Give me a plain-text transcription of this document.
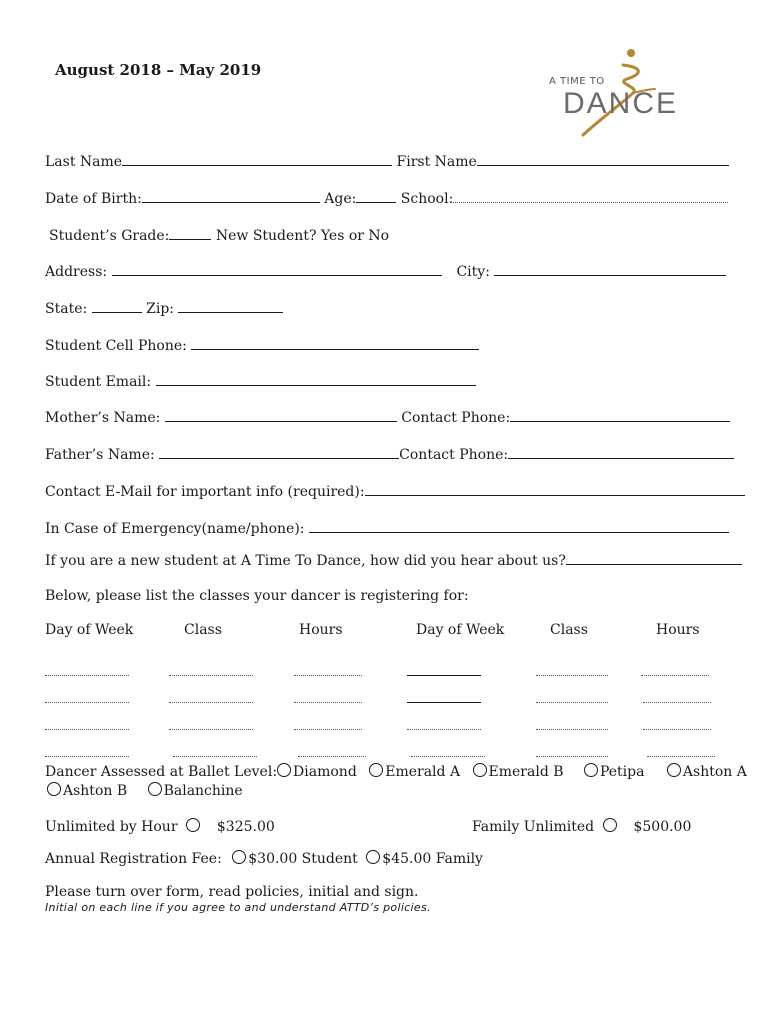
August 2018 – May 2019
A TIME TO
DANCE
Last Name	First Name
Date of Birth:	Age:	School:
Student’s Grade:	New Student? Yes or No
Address:	City:
State:	Zip:
Student Cell Phone:
Student Email:
Mother’s Name:	Contact Phone:
Father’s Name:	Contact Phone:
Contact E-Mail for important info (required):
In Case of Emergency(name/phone):
If you are a new student at A Time To Dance, how did you hear about us?
Below, please list the classes your dancer is registering for:
Day of Week	Class	Hours	Day of Week	Class	Hours
Dancer Assessed at Ballet Level: Diamond Emerald A Emerald B	Petipa	Ashton A
Ashton B	Balanchine
Unlimited by Hour	$325.00	Family Unlimited	$500.00
Annual Registration Fee: $30.00 Student $45.00 Family
Please turn over form, read policies, initial and sign.
Initial on each line if you agree to and understand ATTD’s policies.
